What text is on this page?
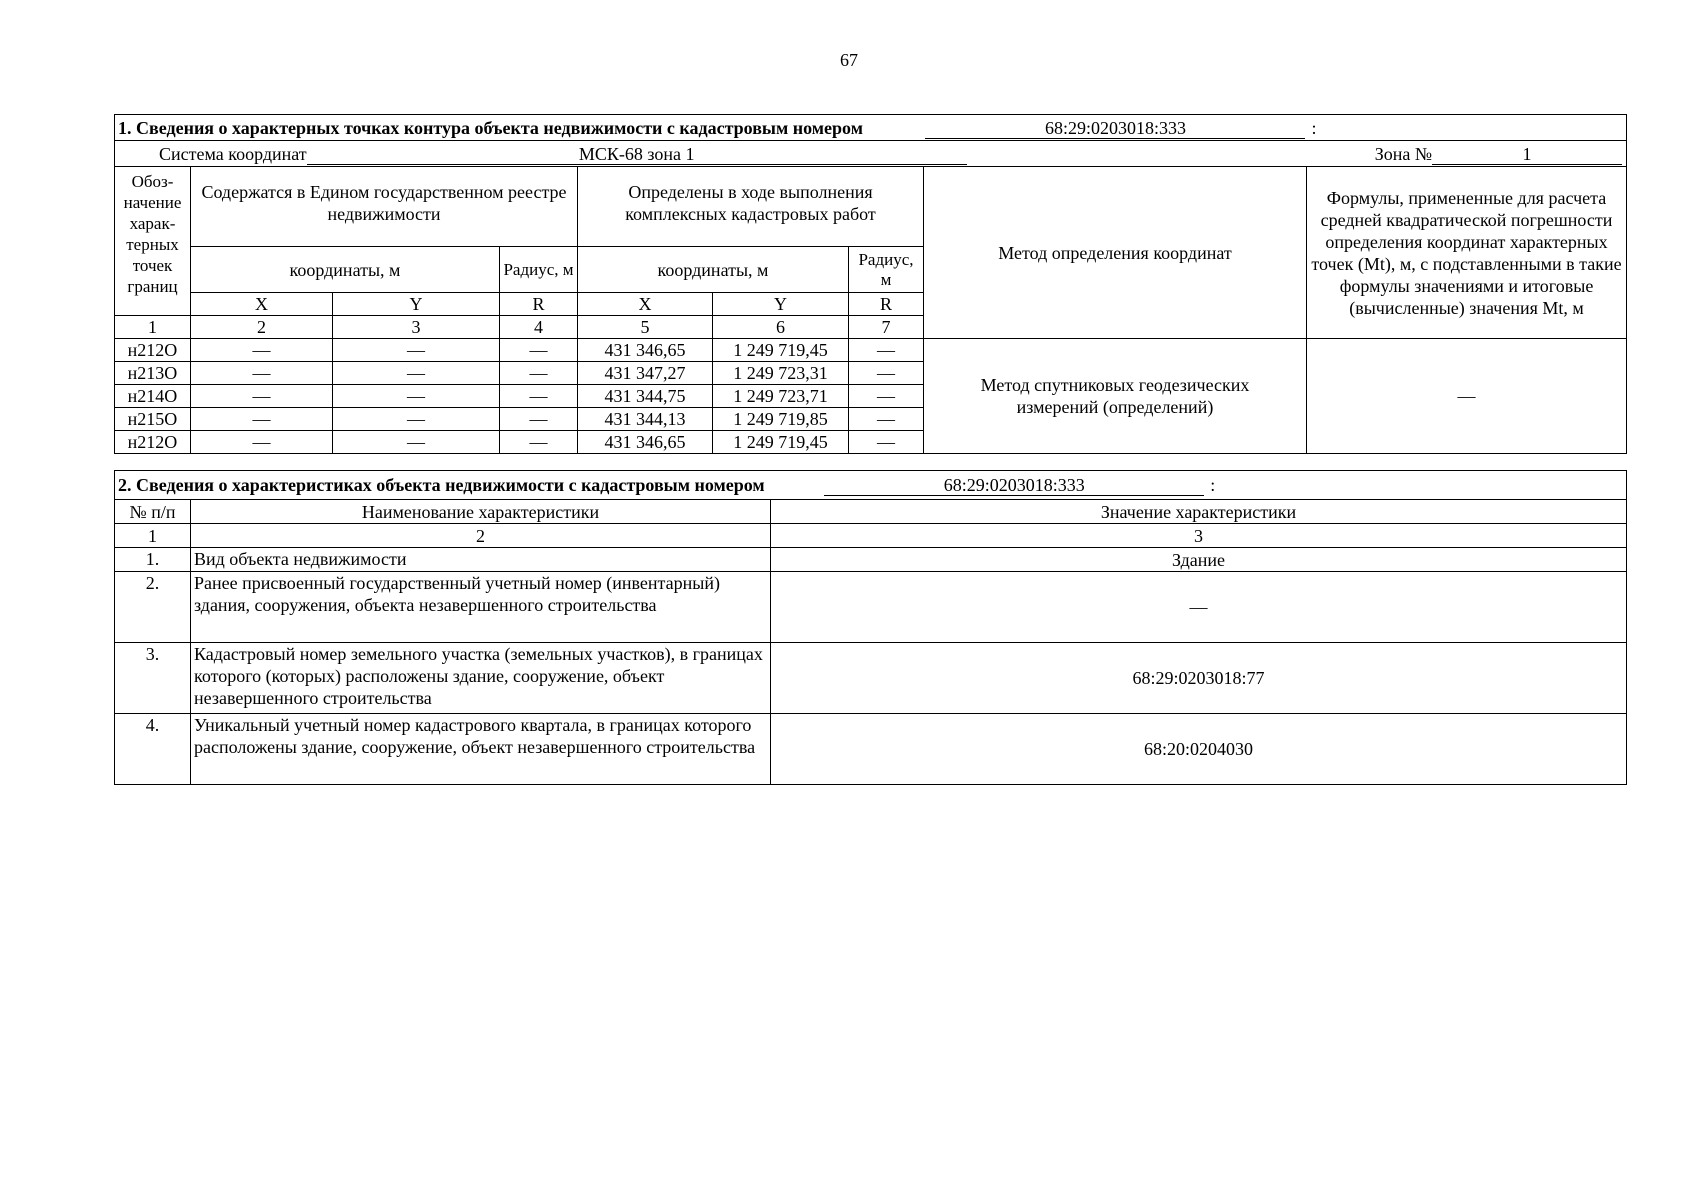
67
1. Сведения о характерных точках контура объекта недвижимости с кадастровым номером 68:29:0203018:333 :									
Система координат МСК-68 зона 1 Зона № 1									

Обоз-начение харак-терных точек границ	Содержатся в Едином государственном реестре недвижимости			Определены в ходе выполнения комплексных кадастровых работ			Метод определения координат	Формулы, примененные для расчета средней квадратической погрешности определения координат характерных точек (Mt), м, с подставленными в такие формулы значениями и итоговые (вычисленные) значения Mt, м	
	координаты, м		Радиус, м	координаты, м		Радиус, м			
	X	Y	R	X	Y	R			
1	2	3	4	5	6	7		
н212О	—	—	—	431 346,65	1 249 719,45	—	Метод спутниковых геодезических измерений (определений)	—	
н213О	—	—	—	431 347,27	1 249 723,31	—			
н214О	—	—	—	431 344,75	1 249 723,71	—			
н215О	—	—	—	431 344,13	1 249 719,85	—			
н212О	—	—	—	431 346,65	1 249 719,45	—			
2. Сведения о характеристиках объекта недвижимости с кадастровым номером 68:29:0203018:333 :		
№ п/п	Наименование характеристики	Значение характеристики
1	2	3
1.	Вид объекта недвижимости	Здание
2.	Ранее присвоенный государственный учетный номер (инвентарный) здания, сооружения, объекта незавершенного строительства	—
3.	Кадастровый номер земельного участка (земельных участков), в границах которого (которых) расположены здание, сооружение, объект незавершенного строительства	68:29:0203018:77
4.	Уникальный учетный номер кадастрового квартала, в границах которого расположены здание, сооружение, объект незавершенного строительства	68:20:0204030
